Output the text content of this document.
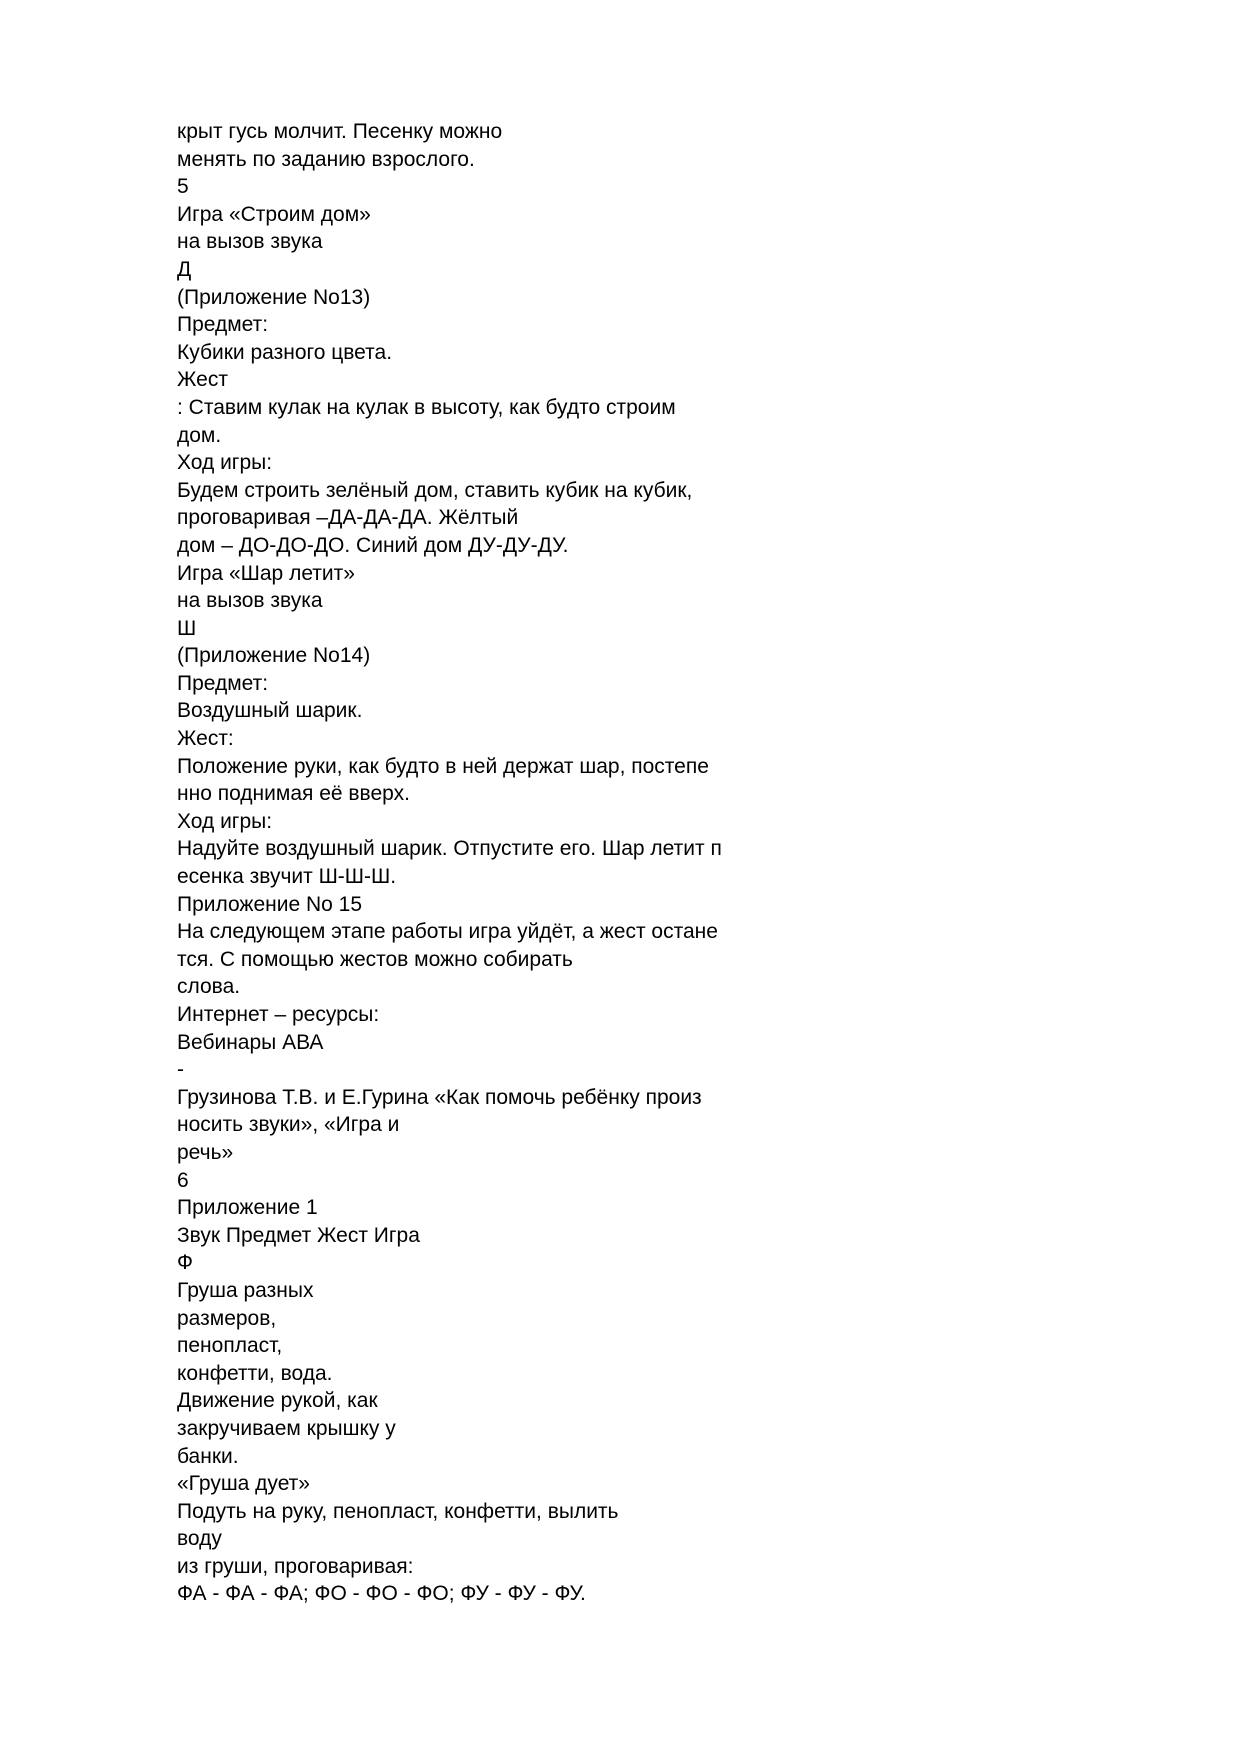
крыт гусь молчит. Песенку можно
менять по заданию взрослого.
5
Игра «Строим дом»
на вызов звука
Д
(Приложение No13)
Предмет:
Кубики разного цвета.
Жест
: Ставим кулак на кулак в высоту, как будто строим
дом.
Ход игры:
Будем строить зелёный дом, ставить кубик на кубик,
проговаривая –ДА-ДА-ДА. Жёлтый
дом – ДО-ДО-ДО. Синий дом ДУ-ДУ-ДУ.
Игра «Шар летит»
на вызов звука
Ш
(Приложение No14)
Предмет:
Воздушный шарик.
Жест:
Положение руки, как будто в ней держат шар, постепе
нно поднимая её вверх.
Ход игры:
Надуйте воздушный шарик. Отпустите его. Шар летит п
есенка звучит Ш-Ш-Ш.
Приложение No 15
На следующем этапе работы игра уйдёт, а жест остане
тся. С помощью жестов можно собирать
слова.
Интернет – ресурсы:
Вебинары АВА
-
Грузинова Т.В. и Е.Гурина «Как помочь ребёнку произ
носить звуки», «Игра и
речь»
6
Приложение 1
Звук Предмет Жест Игра
Ф
Груша разных
размеров,
пенопласт,
конфетти, вода.
Движение рукой, как
закручиваем крышку у
банки.
«Груша дует»
Подуть на руку, пенопласт, конфетти, вылить
воду
из груши, проговаривая:
ФА - ФА - ФА; ФО - ФО - ФО; ФУ - ФУ - ФУ.
